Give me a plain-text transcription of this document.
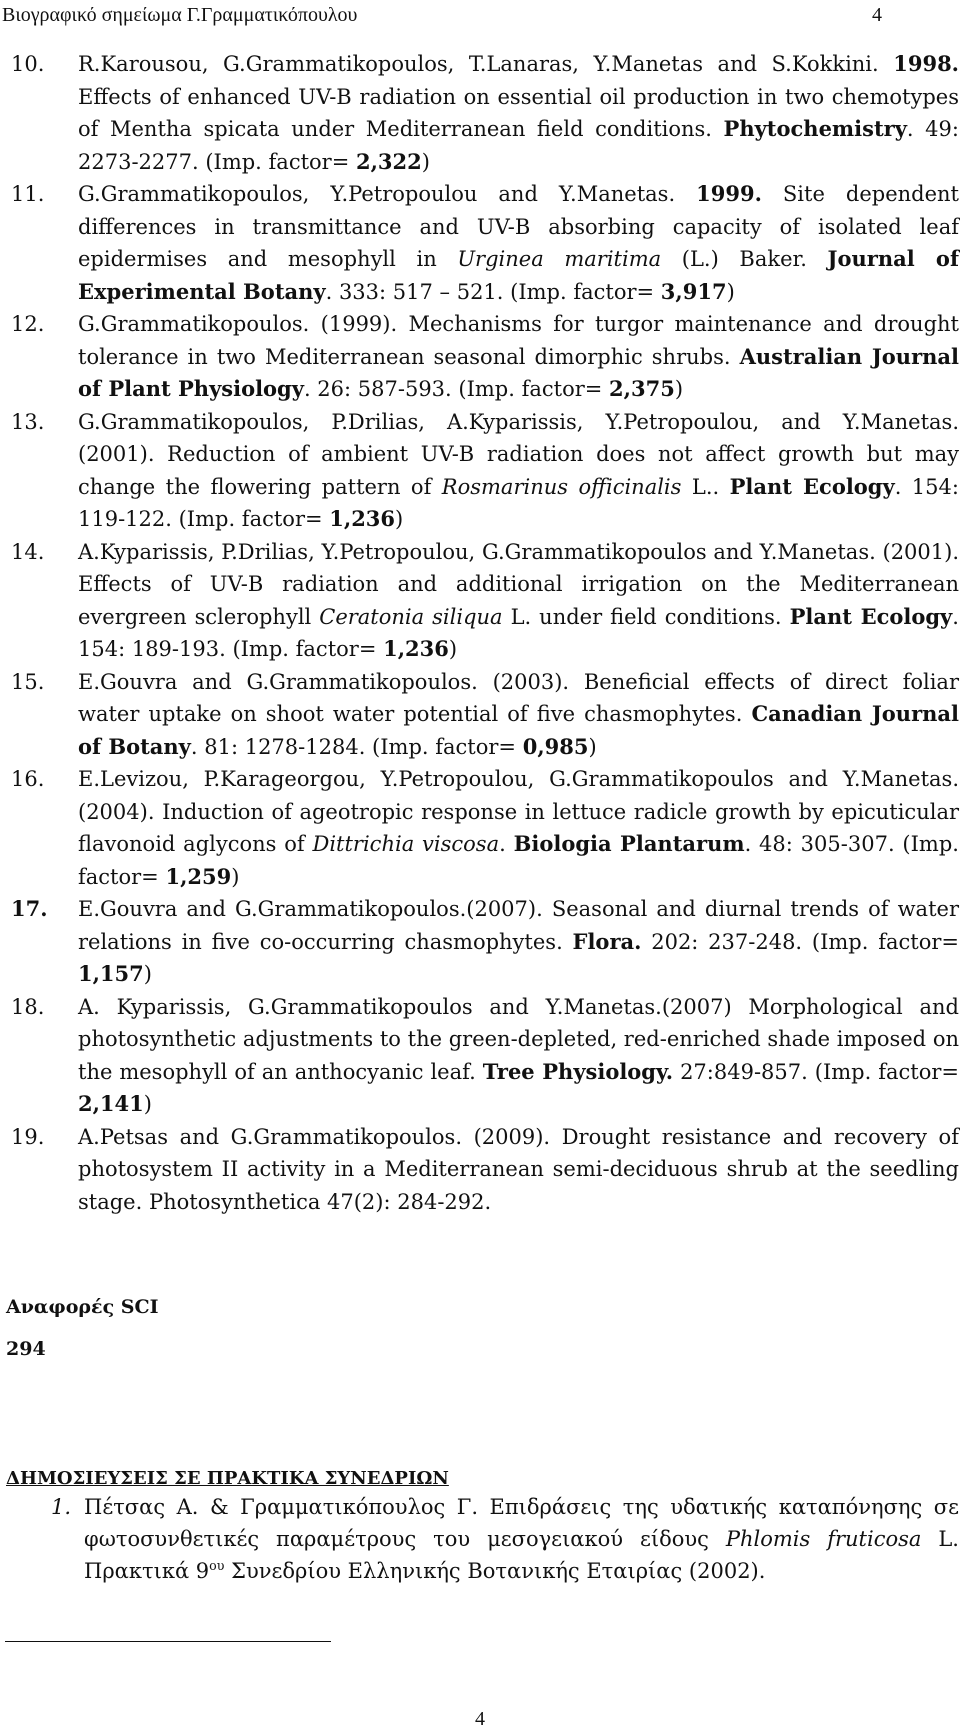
Βιογραφικό σημείωμα Γ.Γραμματικόπουλου	4
10. R.Karousou, G.Grammatikopoulos, T.Lanaras, Y.Manetas and S.Kokkini. 1998. Effects of enhanced UV-B radiation on essential oil production in two chemotypes of Mentha spicata under Mediterranean field conditions. Phytochemistry. 49: 2273-2277. (Imp. factor= 2,322)
11. G.Grammatikopoulos, Y.Petropoulou and Y.Manetas. 1999. Site dependent differences in transmittance and UV-B absorbing capacity of isolated leaf epidermises and mesophyll in Urginea maritima (L.) Baker. Journal of Experimental Botany. 333: 517 – 521. (Imp. factor= 3,917)
12. G.Grammatikopoulos. (1999). Mechanisms for turgor maintenance and drought tolerance in two Mediterranean seasonal dimorphic shrubs. Australian Journal of Plant Physiology. 26: 587-593. (Imp. factor= 2,375)
13. G.Grammatikopoulos, P.Drilias, A.Kyparissis, Y.Petropoulou, and Y.Manetas. (2001). Reduction of ambient UV-B radiation does not affect growth but may change the flowering pattern of Rosmarinus officinalis L.. Plant Ecology. 154: 119-122. (Imp. factor= 1,236)
14. A.Kyparissis, P.Drilias, Y.Petropoulou, G.Grammatikopoulos and Y.Manetas. (2001). Effects of UV-B radiation and additional irrigation on the Mediterranean evergreen sclerophyll Ceratonia siliqua L. under field conditions. Plant Ecology. 154: 189-193. (Imp. factor= 1,236)
15. E.Gouvra and G.Grammatikopoulos. (2003). Beneficial effects of direct foliar water uptake on shoot water potential of five chasmophytes. Canadian Journal of Botany. 81: 1278-1284. (Imp. factor= 0,985)
16. E.Levizou, P.Karageorgou, Y.Petropoulou, G.Grammatikopoulos and Y.Manetas. (2004). Induction of ageotropic response in lettuce radicle growth by epicuticular flavonoid aglycons of Dittrichia viscosa. Biologia Plantarum. 48: 305-307. (Imp. factor= 1,259)
17. E.Gouvra and G.Grammatikopoulos.(2007). Seasonal and diurnal trends of water relations in five co-occurring chasmophytes. Flora. 202: 237-248. (Imp. factor= 1,157)
18. A. Kyparissis, G.Grammatikopoulos and Y.Manetas.(2007) Morphological and photosynthetic adjustments to the green-depleted, red-enriched shade imposed on the mesophyll of an anthocyanic leaf. Tree Physiology. 27:849-857. (Imp. factor= 2,141)
19. A.Petsas and G.Grammatikopoulos. (2009). Drought resistance and recovery of photosystem II activity in a Mediterranean semi-deciduous shrub at the seedling stage. Photosynthetica 47(2): 284-292.
Αναφορές SCI
294
ΔΗΜΟΣΙΕΥΣΕΙΣ ΣΕ ΠΡΑΚΤΙΚΑ ΣΥΝΕΔΡΙΩΝ
1. Πέτσας Α. & Γραμματικόπουλος Γ. Επιδράσεις της υδατικής καταπόνησης σε φωτοσυνθετικές παραμέτρους του μεσογειακού είδους Phlomis fruticosa L. Πρακτικά $9^{o\upsilon}$ Συνεδρίου Ελληνικής Βοτανικής Εταιρίας (2002).
4
